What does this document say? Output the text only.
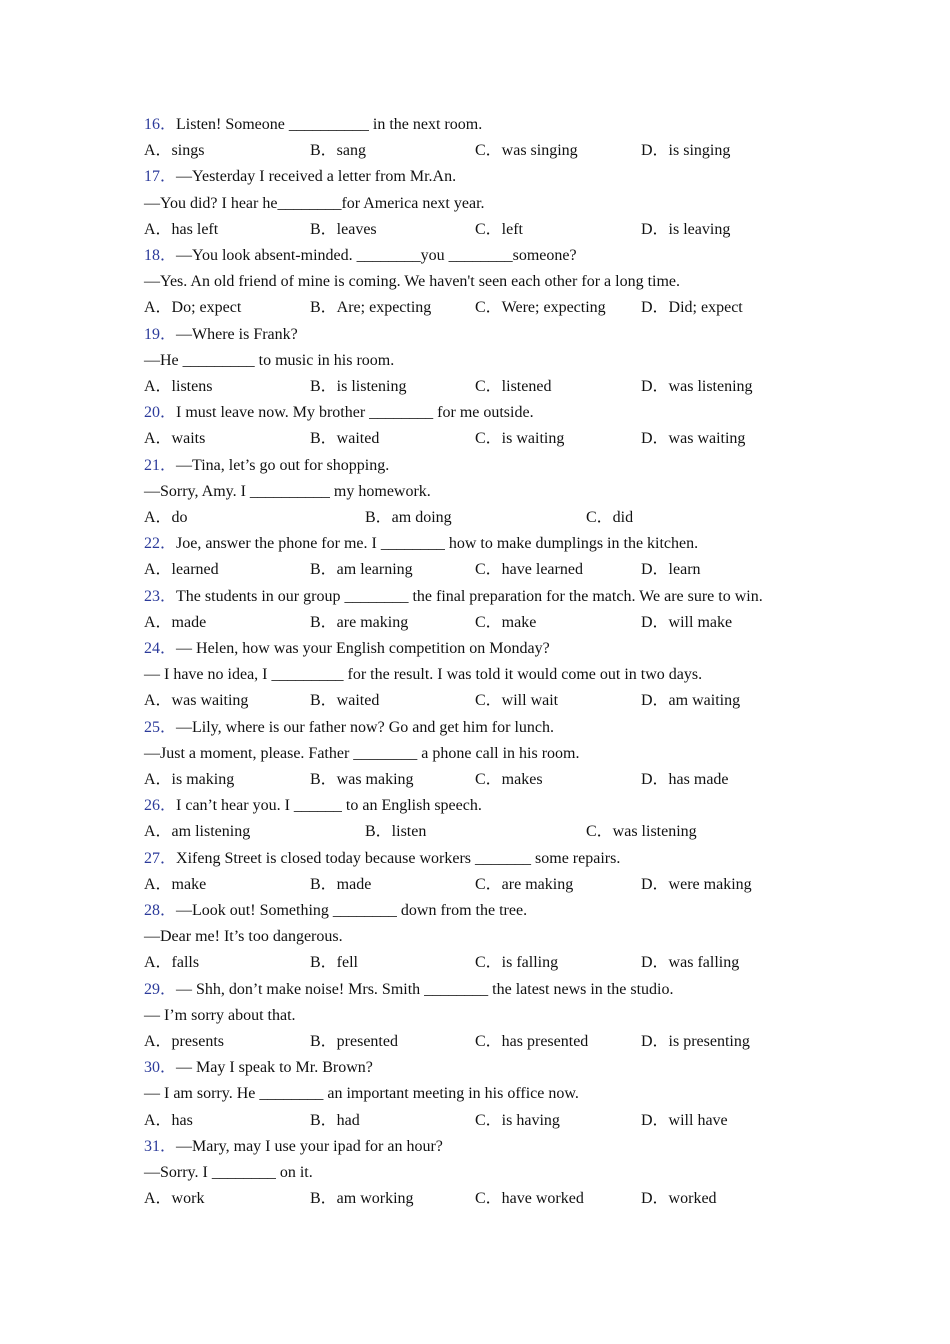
16．Listen! Someone __________ in the next room.
A．sings	B．sang	C．was singing	D．is singing
17．—Yesterday I received a letter from Mr.An.
—You did? I hear he________for America next year.
A．has left	B．leaves	C．left	D．is leaving
18．—You look absent-minded. ________you ________someone?
—Yes. An old friend of mine is coming. We haven't seen each other for a long time.
A．Do; expect	B．Are; expecting	C．Were; expecting D．Did; expect
19．—Where is Frank?
—He _________ to music in his room.
A．listens	B．is listening	C．listened	D．was listening
20．I must leave now. My brother ________ for me outside.
A．waits	B．waited	C．is waiting	D．was waiting
21．—Tina, let’s go out for shopping.
—Sorry, Amy. I __________ my homework.
A．do	B．am doing	C．did
22．Joe, answer the phone for me. I ________ how to make dumplings in the kitchen.
A．learned	B．am learning	C．have learned	D．learn
23．The students in our group ________ the final preparation for the match. We are sure to win.
A．made	B．are making	C．make	D．will make
24．— Helen, how was your English competition on Monday?
— I have no idea, I _________ for the result. I was told it would come out in two days.
A．was waiting	B．waited	C．will wait	D．am waiting
25．—Lily, where is our father now? Go and get him for lunch.
—Just a moment, please. Father ________ a phone call in his room.
A．is making	B．was making	C．makes	D．has made
26．I can’t hear you. I ______ to an English speech.
A．am listening	B．listen	C．was listening
27．Xifeng Street is closed today because workers _______ some repairs.
A．make	B．made	C．are making	D．were making
28．—Look out! Something ________ down from the tree.
—Dear me! It’s too dangerous.
A．falls	B．fell	C．is falling	D．was falling
29．— Shh, don’t make noise! Mrs. Smith ________ the latest news in the studio.
— I’m sorry about that.
A．presents	B．presented	C．has presented	D．is presenting
30．— May I speak to Mr. Brown?
— I am sorry. He ________ an important meeting in his office now.
A．has	B．had	C．is having	D．will have
31．—Mary, may I use your ipad for an hour?
—Sorry. I ________ on it.
A．work	B．am working	C．have worked	D．worked
